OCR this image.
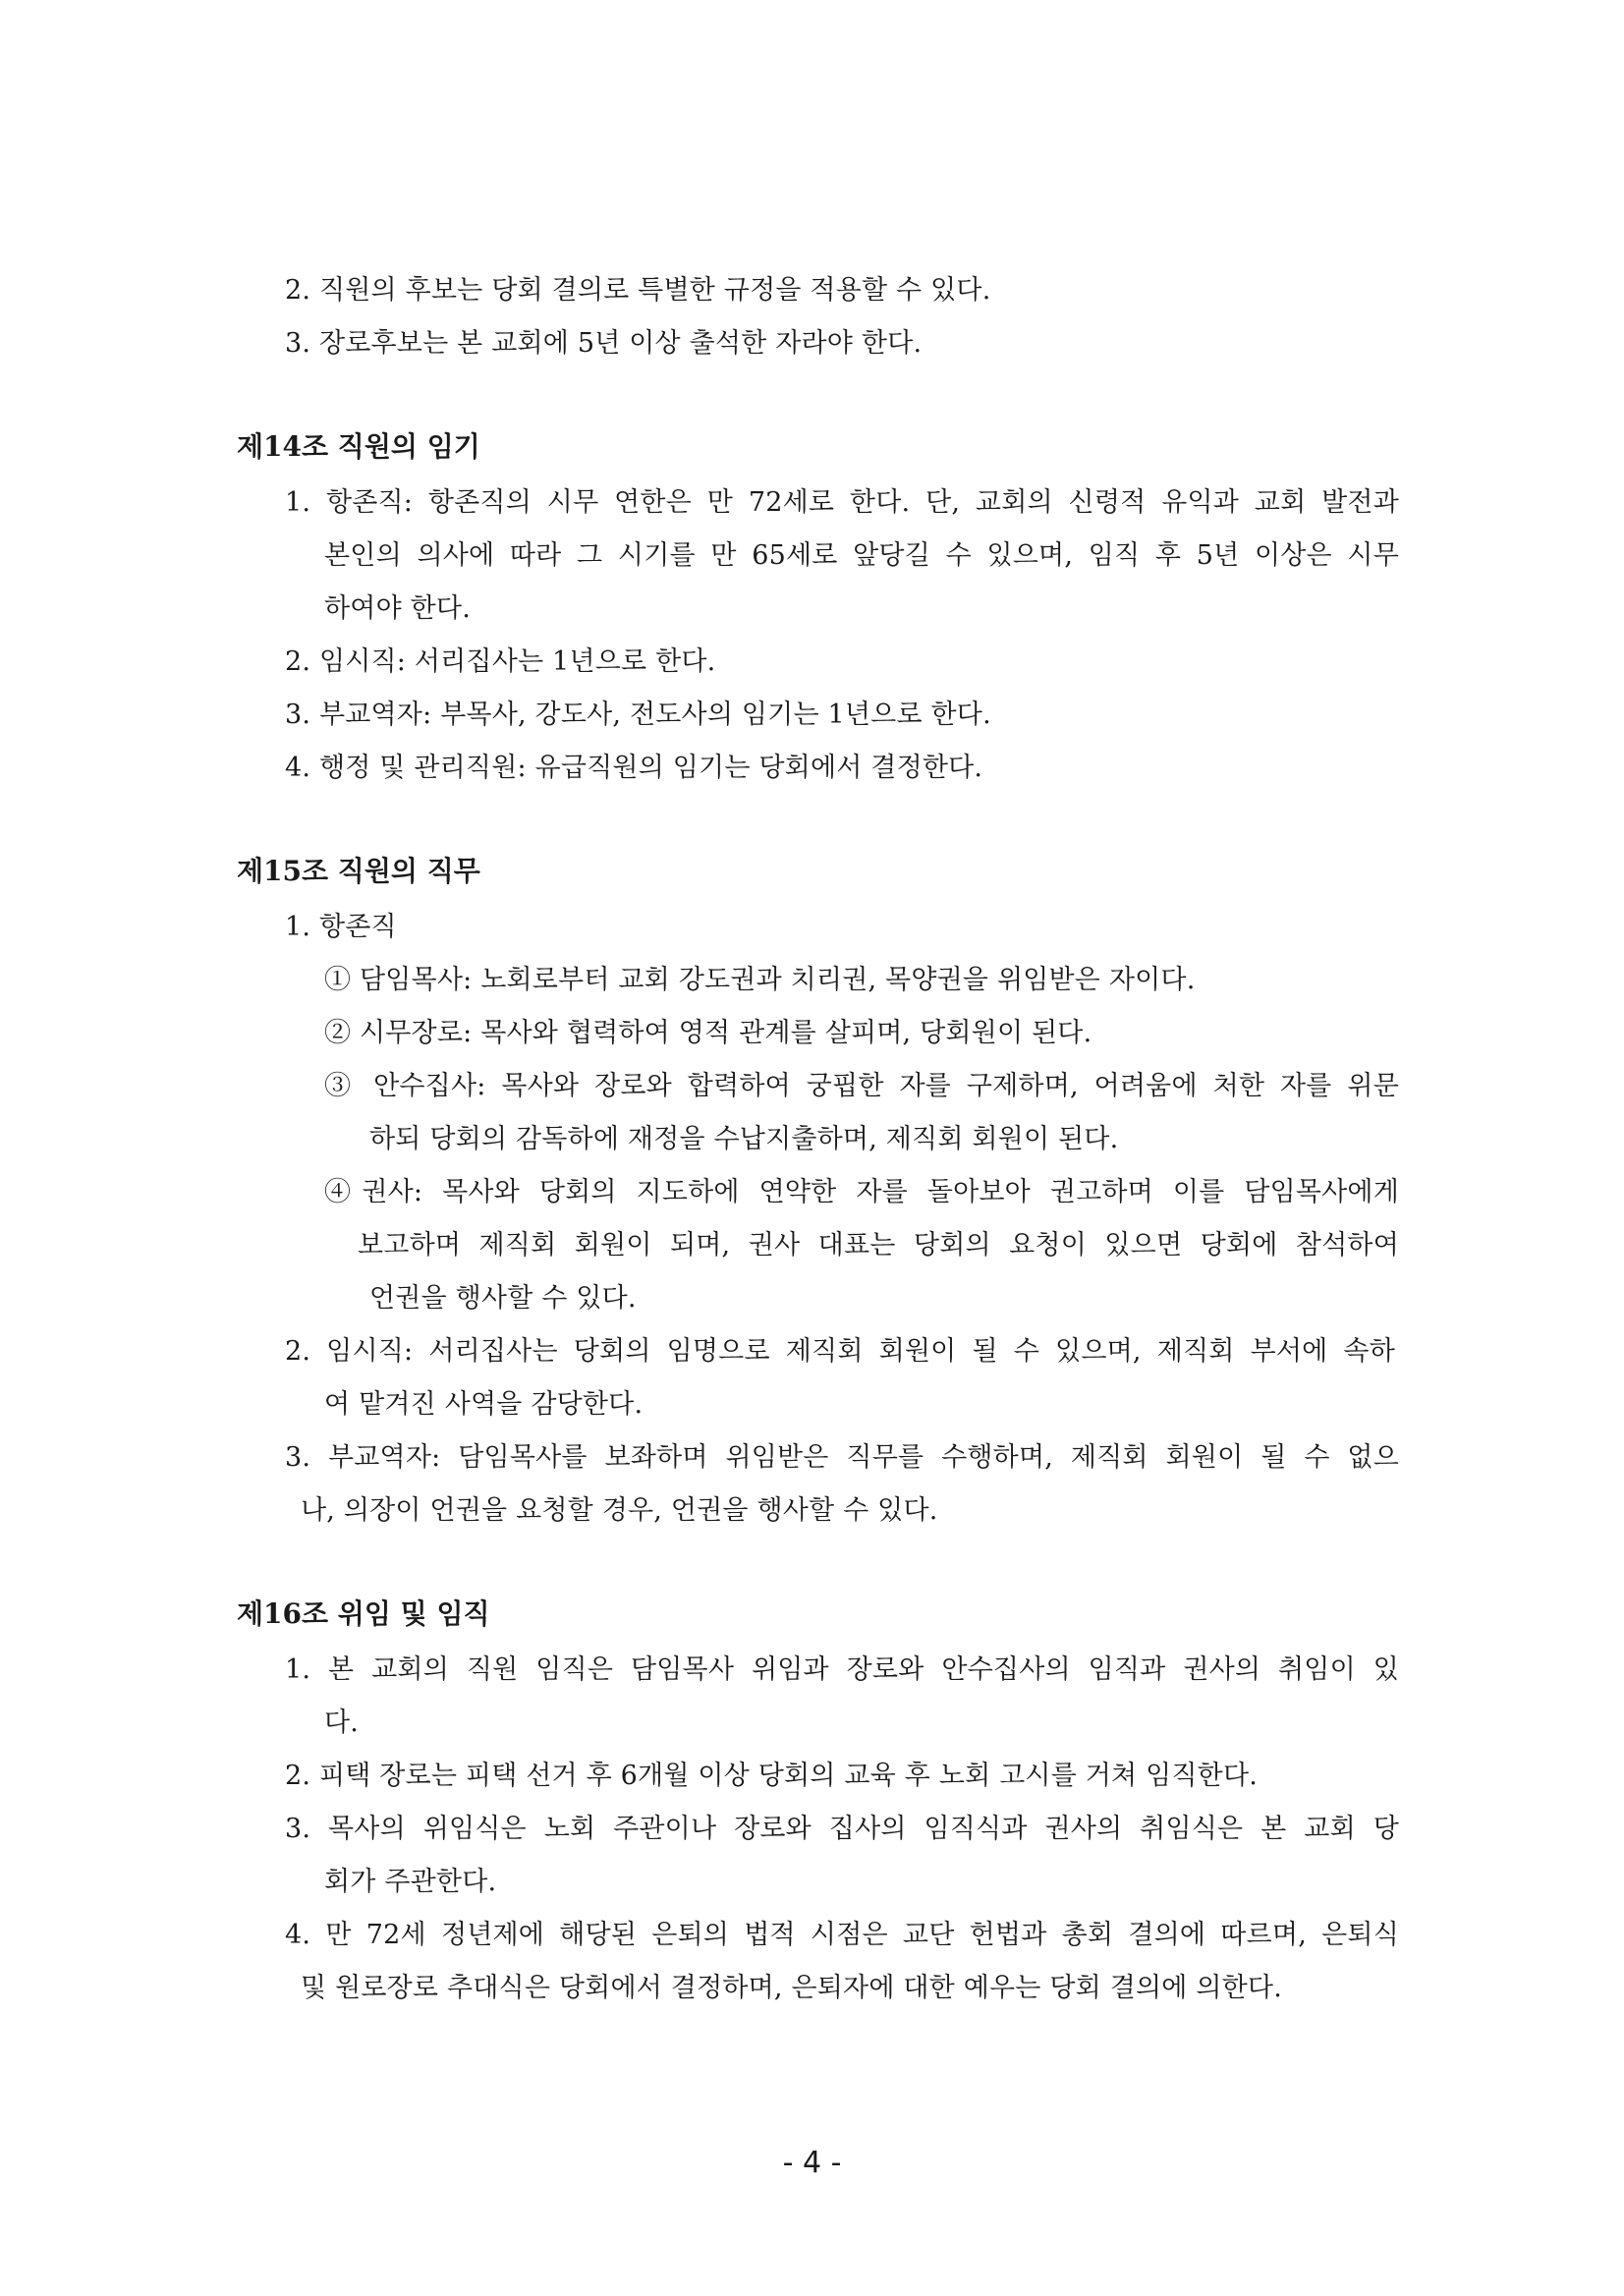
2. 직원의 후보는 당회 결의로 특별한 규정을 적용할 수 있다.
3. 장로후보는 본 교회에 5년 이상 출석한 자라야 한다.
제14조 직원의 임기
1. 항존직: 항존직의 시무 연한은 만 72세로 한다. 단, 교회의 신령적 유익과 교회 발전과
본인의 의사에 따라 그 시기를 만 65세로 앞당길 수 있으며, 임직 후 5년 이상은 시무
하여야 한다.
2. 임시직: 서리집사는 1년으로 한다.
3. 부교역자: 부목사, 강도사, 전도사의 임기는 1년으로 한다.
4. 행정 및 관리직원: 유급직원의 임기는 당회에서 결정한다.
제15조 직원의 직무
1. 항존직
① 담임목사: 노회로부터 교회 강도권과 치리권, 목양권을 위임받은 자이다.
② 시무장로: 목사와 협력하여 영적 관계를 살피며, 당회원이 된다.
③ 안수집사: 목사와 장로와 합력하여 궁핍한 자를 구제하며, 어려움에 처한 자를 위문
하되 당회의 감독하에 재정을 수납지출하며, 제직회 회원이 된다.
④권사: 목사와 당회의 지도하에 연약한 자를 돌아보아 권고하며 이를 담임목사에게
보고하며 제직회 회원이 되며, 권사 대표는 당회의 요청이 있으면 당회에 참석하여
언권을 행사할 수 있다.
2. 임시직: 서리집사는 당회의 임명으로 제직회 회원이 될 수 있으며, 제직회 부서에 속하
여 맡겨진 사역을 감당한다.
3. 부교역자: 담임목사를 보좌하며 위임받은 직무를 수행하며, 제직회 회원이 될 수 없으
나, 의장이 언권을 요청할 경우, 언권을 행사할 수 있다.
제16조 위임 및 임직
1. 본 교회의 직원 임직은 담임목사 위임과 장로와 안수집사의 임직과 권사의 취임이 있
다.
2. 피택 장로는 피택 선거 후 6개월 이상 당회의 교육 후 노회 고시를 거쳐 임직한다.
3. 목사의 위임식은 노회 주관이나 장로와 집사의 임직식과 권사의 취임식은 본 교회 당
회가 주관한다.
4. 만 72세 정년제에 해당된 은퇴의 법적 시점은 교단 헌법과 총회 결의에 따르며, 은퇴식
및 원로장로 추대식은 당회에서 결정하며, 은퇴자에 대한 예우는 당회 결의에 의한다.
- 4 -
